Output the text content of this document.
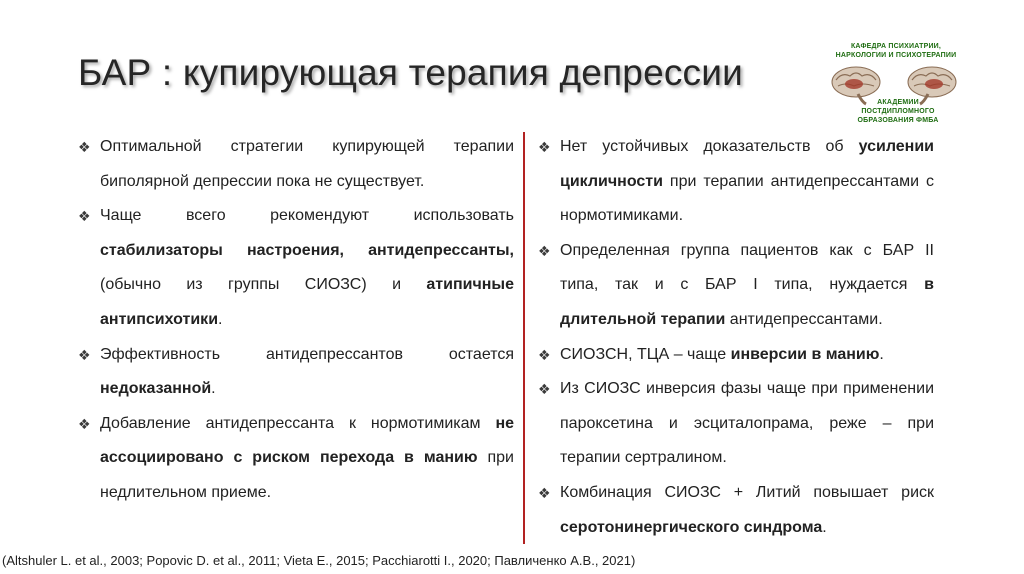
БАР : купирующая терапия депрессии
КАФЕДРА ПСИХИАТРИИ, НАРКОЛОГИИ И ПСИХОТЕРАПИИ
АКАДЕМИИ ПОСТДИПЛОМНОГО ОБРАЗОВАНИЯ ФМБА
❖ Оптимальной стратегии купирующей терапии биполярной депрессии пока не существует.
❖ Чаще всего рекомендуют использовать стабилизаторы настроения, антидепрессанты, (обычно из группы СИОЗС) и атипичные антипсихотики.
❖ Эффективность антидепрессантов остается недоказанной.
❖ Добавление антидепрессанта к нормотимикам не ассоциировано с риском перехода в манию при недлительном приеме.
❖ Нет устойчивых доказательств об усилении цикличности при терапии антидепрессантами с нормотимиками.
❖ Определенная группа пациентов как с БАР II типа, так и с БАР I типа, нуждается в длительной терапии антидепрессантами.
❖ СИОЗСН, ТЦА – чаще инверсии в манию.
❖ Из СИОЗС инверсия фазы чаще при применении пароксетина и эсциталопрама, реже – при терапии сертралином.
❖ Комбинация СИОЗС + Литий повышает риск серотонинергического синдрома.
(Altshuler L. et al., 2003; Popovic D. et al., 2011; Vieta E., 2015; Pacchiarotti I., 2020; Павличенко А.В., 2021)
